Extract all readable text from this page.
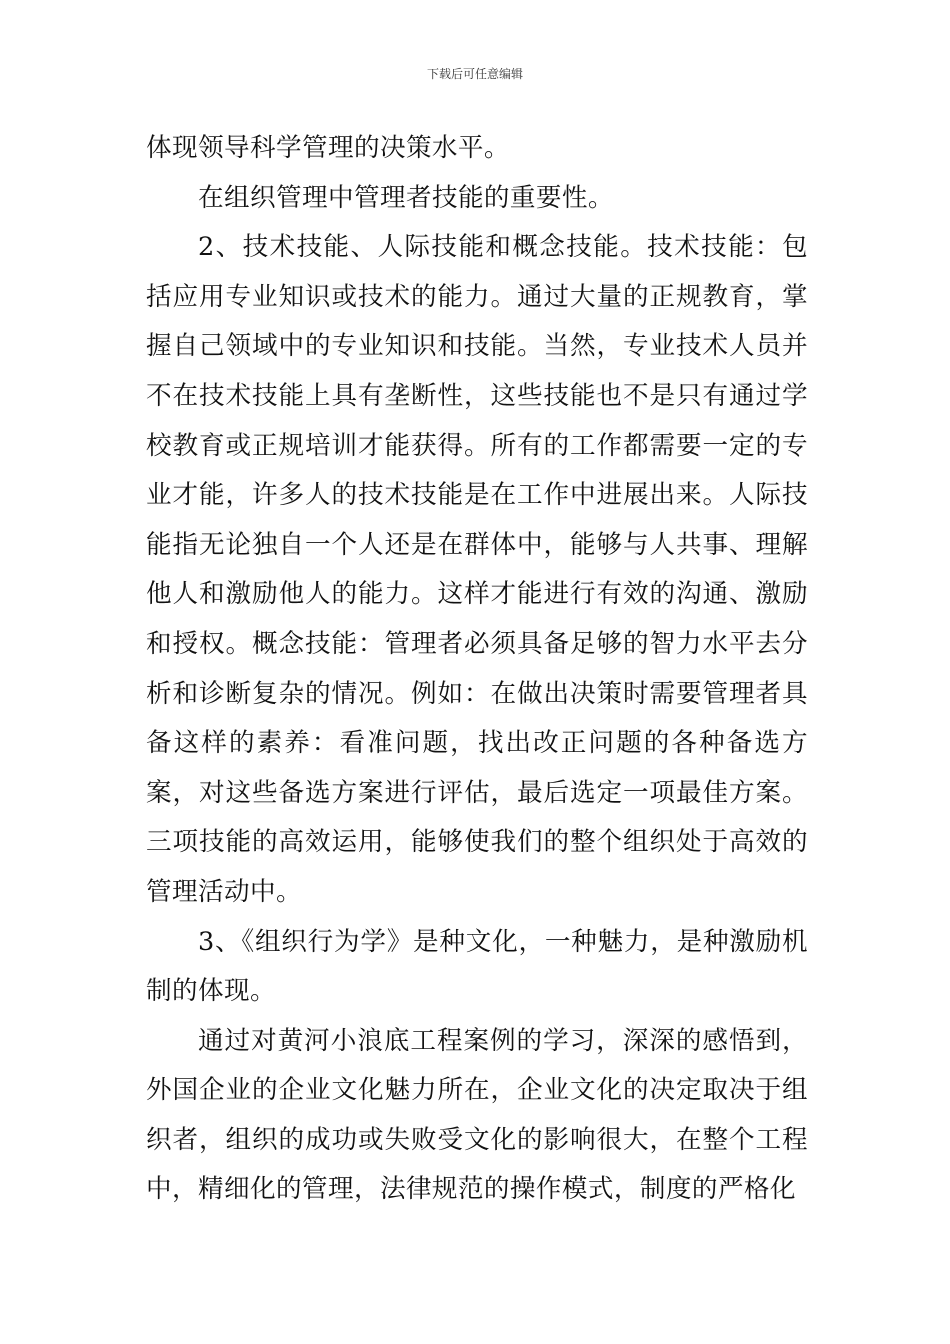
下载后可任意编辑

体现领导科学管理的决策水平。

在组织管理中管理者技能的重要性。

2、技术技能、人际技能和概念技能。技术技能：包括应用专业知识或技术的能力。通过大量的正规教育，掌握自己领域中的专业知识和技能。当然，专业技术人员并不在技术技能上具有垄断性，这些技能也不是只有通过学校教育或正规培训才能获得。所有的工作都需要一定的专业才能，许多人的技术技能是在工作中进展出来。人际技能指无论独自一个人还是在群体中，能够与人共事、理解他人和激励他人的能力。这样才能进行有效的沟通、激励和授权。概念技能：管理者必须具备足够的智力水平去分析和诊断复杂的情况。例如：在做出决策时需要管理者具备这样的素养：看准问题，找出改正问题的各种备选方案，对这些备选方案进行评估，最后选定一项最佳方案。三项技能的高效运用，能够使我们的整个组织处于高效的管理活动中。

3、《组织行为学》是种文化，一种魅力，是种激励机制的体现。

通过对黄河小浪底工程案例的学习，深深的感悟到，外国企业的企业文化魅力所在，企业文化的决定取决于组织者，组织的成功或失败受文化的影响很大，在整个工程中，精细化的管理，法律规范的操作模式，制度的严格化
